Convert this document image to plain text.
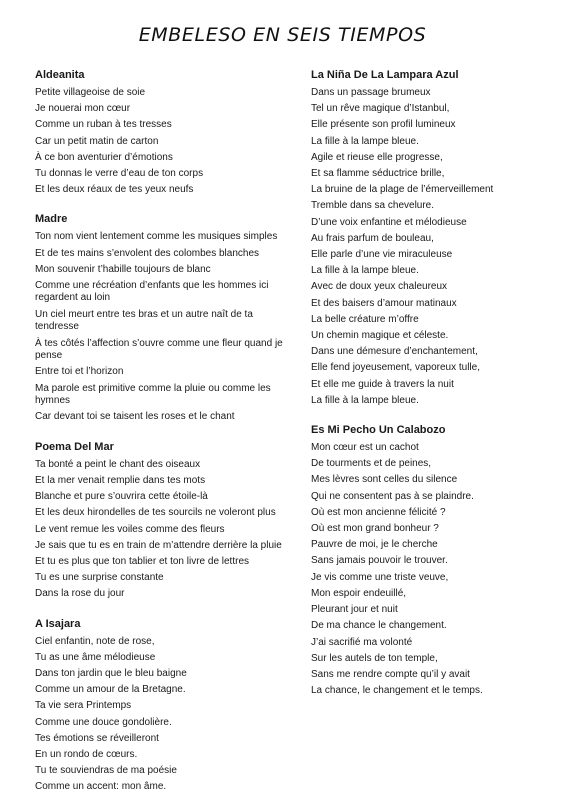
EMBELESO EN SEIS TIEMPOS
Aldeanita
Petite villageoise de soie
Je nouerai mon cœur
Comme un ruban à tes tresses
Car un petit matin de carton
À ce bon aventurier d’émotions
Tu donnas le verre d’eau de ton corps
Et les deux réaux de tes yeux neufs
Madre
Ton nom vient lentement comme les musiques simples
Et de tes mains s’envolent des colombes blanches
Mon souvenir t’habille toujours de blanc
Comme une récréation d’enfants que les hommes ici regardent au loin
Un ciel meurt entre tes bras et un autre naît de ta tendresse
À tes côtés l’affection s’ouvre comme une fleur quand je pense
Entre toi et l’horizon
Ma parole est primitive comme la pluie ou comme les hymnes
Car devant toi se taisent les roses et le chant
Poema Del Mar
Ta bonté a peint le chant des oiseaux
Et la mer venait remplie dans tes mots
Blanche et pure s’ouvrira cette étoile-là
Et les deux hirondelles de tes sourcils ne voleront plus
Le vent remue les voiles comme des fleurs
Je sais que tu es en train de m’attendre derrière la pluie
Et tu es plus que ton tablier et ton livre de lettres
Tu es une surprise constante
Dans la rose du jour
A Isajara
Ciel enfantin, note de rose,
Tu as une âme mélodieuse
Dans ton jardin que le bleu baigne
Comme un amour de la Bretagne.
Ta vie sera Printemps
Comme une douce gondolière.
Tes émotions se réveilleront
En un rondo de cœurs.
Tu te souviendras de ma poésie
Comme un accent: mon âme.
La Niña De La Lampara Azul
Dans un passage brumeux
Tel un rêve magique d’Istanbul,
Elle présente son profil lumineux
La fille à la lampe bleue.
Agile et rieuse elle progresse,
Et sa flamme séductrice brille,
La bruine de la plage de l’émerveillement
Tremble dans sa chevelure.
D’une voix enfantine et mélodieuse
Au frais parfum de bouleau,
Elle parle d’une vie miraculeuse
La fille à la lampe bleue.
Avec de doux yeux chaleureux
Et des baisers d’amour matinaux
La belle créature m’offre
Un chemin magique et céleste.
Dans une démesure d’enchantement,
Elle fend joyeusement, vaporeux tulle,
Et elle me guide à travers la nuit
La fille à la lampe bleue.
Es Mi Pecho Un Calabozo
Mon cœur est un cachot
De tourments et de peines,
Mes lèvres sont celles du silence
Qui ne consentent pas à se plaindre.
Où est mon ancienne félicité ?
Où est mon grand bonheur ?
Pauvre de moi, je le cherche
Sans jamais pouvoir le trouver.
Je vis comme une triste veuve,
Mon espoir endeuillé,
Pleurant jour et nuit
De ma chance le changement.
J’ai sacrifié ma volonté
Sur les autels de ton temple,
Sans me rendre compte qu’il y avait
La chance, le changement et le temps.
